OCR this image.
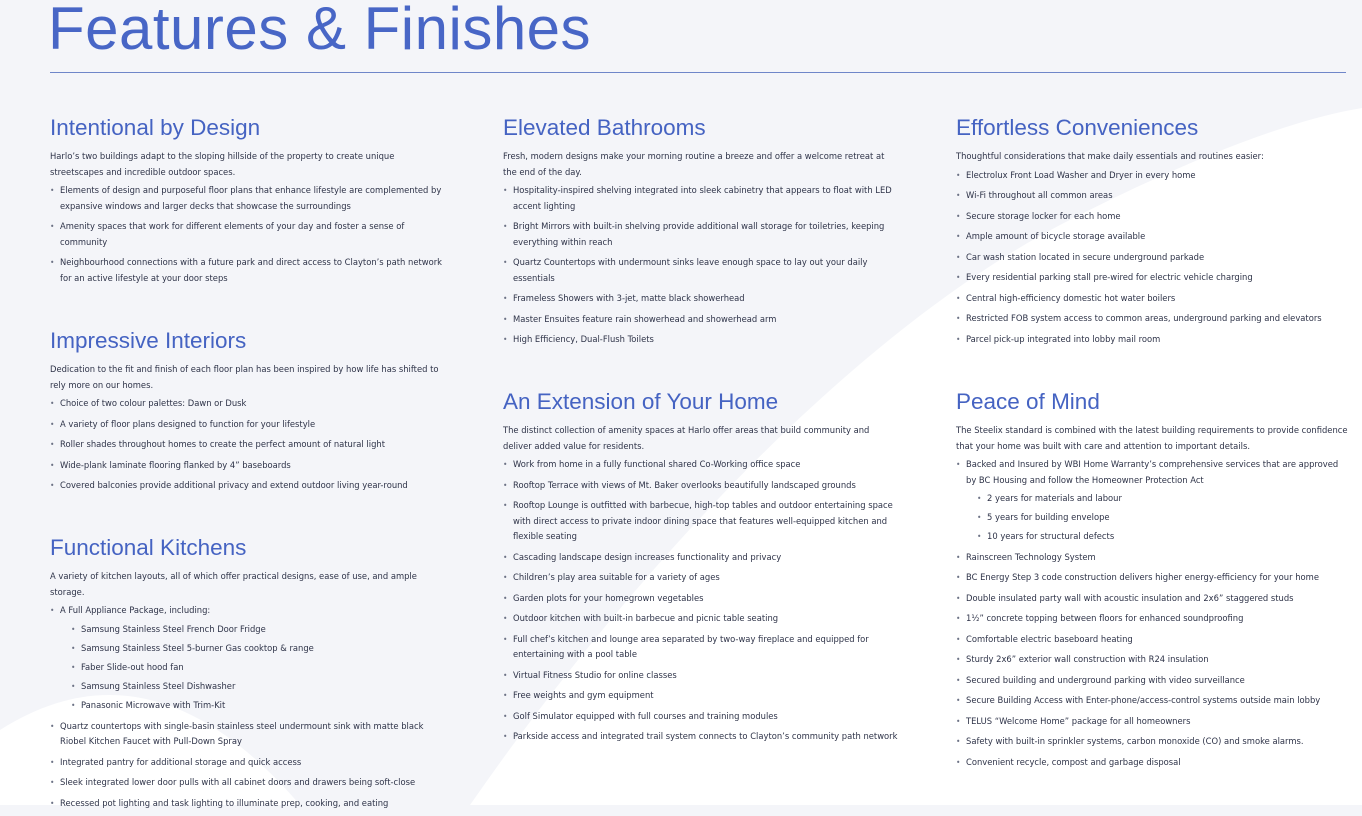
Features & Finishes
Intentional by Design

Harlo’s two buildings adapt to the sloping hillside of the property to create unique streetscapes and incredible outdoor spaces.

• Elements of design and purposeful floor plans that enhance lifestyle are complemented by expansive windows and larger decks that showcase the surroundings
• Amenity spaces that work for different elements of your day and foster a sense of community
• Neighbourhood connections with a future park and direct access to Clayton’s path network for an active lifestyle at your door steps
Impressive Interiors

Dedication to the fit and finish of each floor plan has been inspired by how life has shifted to rely more on our homes.

• Choice of two colour palettes: Dawn or Dusk
• A variety of floor plans designed to function for your lifestyle
• Roller shades throughout homes to create the perfect amount of natural light
• Wide-plank laminate flooring flanked by 4” baseboards
• Covered balconies provide additional privacy and extend outdoor living year-round
Functional Kitchens

A variety of kitchen layouts, all of which offer practical designs, ease of use, and ample storage.

• A Full Appliance Package, including:
• Samsung Stainless Steel French Door Fridge
• Samsung Stainless Steel 5-burner Gas cooktop & range
• Faber Slide-out hood fan
• Samsung Stainless Steel Dishwasher
• Panasonic Microwave with Trim-Kit
• Quartz countertops with single-basin stainless steel undermount sink with matte black Riobel Kitchen Faucet with Pull-Down Spray
• Integrated pantry for additional storage and quick access
• Sleek integrated lower door pulls with all cabinet doors and drawers being soft-close
• Recessed pot lighting and task lighting to illuminate prep, cooking, and eating
Elevated Bathrooms

Fresh, modern designs make your morning routine a breeze and offer a welcome retreat at the end of the day.

• Hospitality-inspired shelving integrated into sleek cabinetry that appears to float with LED accent lighting
• Bright Mirrors with built-in shelving provide additional wall storage for toiletries, keeping everything within reach
• Quartz Countertops with undermount sinks leave enough space to lay out your daily essentials
• Frameless Showers with 3-jet, matte black showerhead
• Master Ensuites feature rain showerhead and showerhead arm
• High Efficiency, Dual-Flush Toilets
An Extension of Your Home

The distinct collection of amenity spaces at Harlo offer areas that build community and deliver added value for residents.

• Work from home in a fully functional shared Co-Working office space
• Rooftop Terrace with views of Mt. Baker overlooks beautifully landscaped grounds
• Rooftop Lounge is outfitted with barbecue, high-top tables and outdoor entertaining space with direct access to private indoor dining space that features well-equipped kitchen and flexible seating
• Cascading landscape design increases functionality and privacy
• Children’s play area suitable for a variety of ages
• Garden plots for your homegrown vegetables
• Outdoor kitchen with built-in barbecue and picnic table seating
• Full chef’s kitchen and lounge area separated by two-way fireplace and equipped for entertaining with a pool table
• Virtual Fitness Studio for online classes
• Free weights and gym equipment
• Golf Simulator equipped with full courses and training modules
• Parkside access and integrated trail system connects to Clayton’s community path network
Effortless Conveniences

Thoughtful considerations that make daily essentials and routines easier:

• Electrolux Front Load Washer and Dryer in every home
• Wi-Fi throughout all common areas
• Secure storage locker for each home
• Ample amount of bicycle storage available
• Car wash station located in secure underground parkade
• Every residential parking stall pre-wired for electric vehicle charging
• Central high-efficiency domestic hot water boilers
• Restricted FOB system access to common areas, underground parking and elevators
• Parcel pick-up integrated into lobby mail room
Peace of Mind

The Steelix standard is combined with the latest building requirements to provide confidence that your home was built with care and attention to important details.

• Backed and Insured by WBI Home Warranty’s comprehensive services that are approved by BC Housing and follow the Homeowner Protection Act
• 2 years for materials and labour
• 5 years for building envelope
• 10 years for structural defects
• Rainscreen Technology System
• BC Energy Step 3 code construction delivers higher energy-efficiency for your home
• Double insulated party wall with acoustic insulation and 2x6” staggered studs
• 1½” concrete topping between floors for enhanced soundproofing
• Comfortable electric baseboard heating
• Sturdy 2x6” exterior wall construction with R24 insulation
• Secured building and underground parking with video surveillance
• Secure Building Access with Enter-phone/access-control systems outside main lobby
• TELUS “Welcome Home” package for all homeowners
• Safety with built-in sprinkler systems, carbon monoxide (CO) and smoke alarms.
• Convenient recycle, compost and garbage disposal
